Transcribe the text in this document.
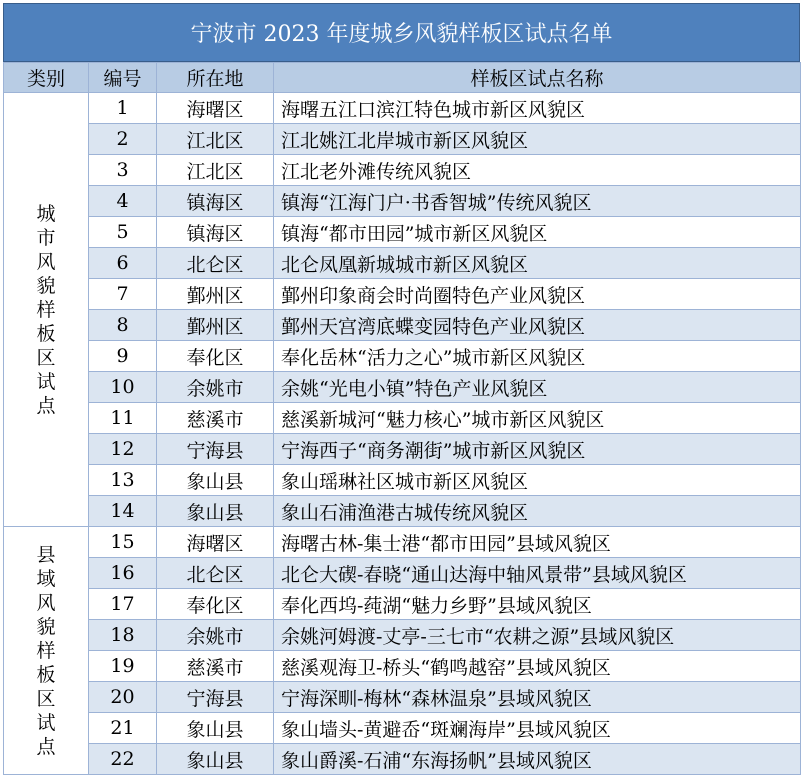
宁波市 2023 年度城乡风貌样板区试点名单
类别	编号	所在地	样板区试点名称
城市风貌样板区试点	1	海曙区	海曙五江口滨江特色城市新区风貌区
	2	江北区	江北姚江北岸城市新区风貌区
	3	江北区	江北老外滩传统风貌区
	4	镇海区	镇海“江海门户·书香智城”传统风貌区
	5	镇海区	镇海“都市田园”城市新区风貌区
	6	北仑区	北仑凤凰新城城市新区风貌区
	7	鄞州区	鄞州印象商会时尚圈特色产业风貌区
	8	鄞州区	鄞州天宫湾底蝶变园特色产业风貌区
	9	奉化区	奉化岳林“活力之心”城市新区风貌区
	10	余姚市	余姚“光电小镇”特色产业风貌区
	11	慈溪市	慈溪新城河“魅力核心”城市新区风貌区
	12	宁海县	宁海西子“商务潮街”城市新区风貌区
	13	象山县	象山瑶琳社区城市新区风貌区
	14	象山县	象山石浦渔港古城传统风貌区
县域风貌样板区试点	15	海曙区	海曙古林-集士港“都市田园”县域风貌区
	16	北仑区	北仑大碶-春晓“通山达海中轴风景带”县域风貌区
	17	奉化区	奉化西坞-莼湖“魅力乡野”县域风貌区
	18	余姚市	余姚河姆渡-丈亭-三七市“农耕之源”县域风貌区
	19	慈溪市	慈溪观海卫-桥头“鹤鸣越窑”县域风貌区
	20	宁海县	宁海深甽-梅林“森林温泉”县域风貌区
	21	象山县	象山墙头-黄避岙“斑斓海岸”县域风貌区
	22	象山县	象山爵溪-石浦“东海扬帆”县域风貌区
